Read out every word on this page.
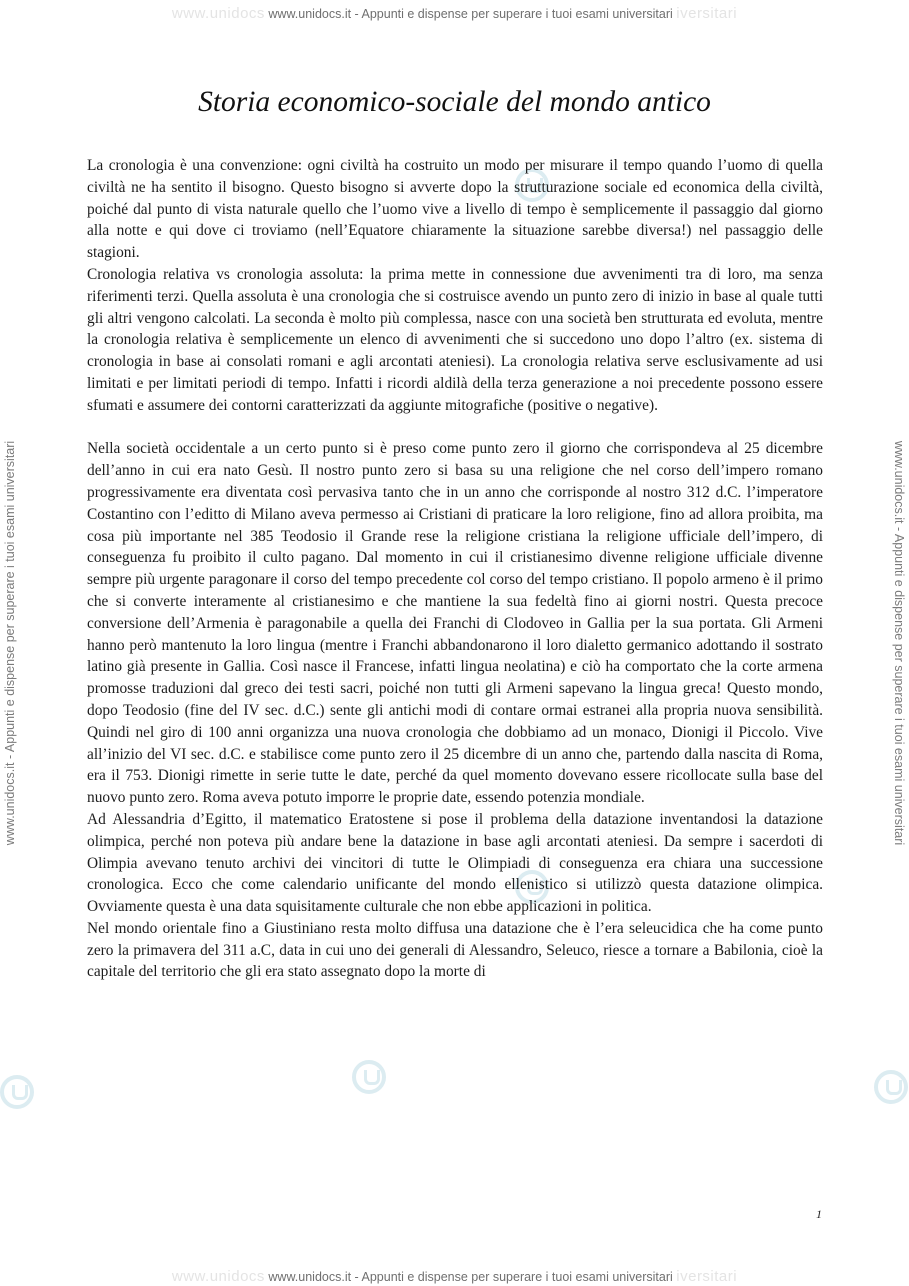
www.unidocs www.unidocs.it - Appunti e dispense per superare i tuoi esami universitari iversitari
www.unidocs.it - Appunti e dispense per superare i tuoi esami universitari	www.unidocs.it - Appunti e dispense per superare i tuoi esami universitari
Storia economico-sociale del mondo antico

La cronologia è una convenzione: ogni civiltà ha costruito un modo per misurare il tempo quando l’uomo di quella civiltà ne ha sentito il bisogno. Questo bisogno si avverte dopo la strutturazione sociale ed economica della civiltà, poiché dal punto di vista naturale quello che l’uomo vive a livello di tempo è semplicemente il passaggio dal giorno alla notte e qui dove ci troviamo (nell’Equatore chiaramente la situazione sarebbe diversa!) nel passaggio delle stagioni.

Cronologia relativa vs cronologia assoluta: la prima mette in connessione due avvenimenti tra di loro, ma senza riferimenti terzi. Quella assoluta è una cronologia che si costruisce avendo un punto zero di inizio in base al quale tutti gli altri vengono calcolati. La seconda è molto più complessa, nasce con una società ben strutturata ed evoluta, mentre la cronologia relativa è semplicemente un elenco di avvenimenti che si succedono uno dopo l’altro (ex. sistema di cronologia in base ai consolati romani e agli arcontati ateniesi). La cronologia relativa serve esclusivamente ad usi limitati e per limitati periodi di tempo. Infatti i ricordi aldilà della terza generazione a noi precedente possono essere sfumati e assumere dei contorni caratterizzati da aggiunte mitografiche (positive o negative).

Nella società occidentale a un certo punto si è preso come punto zero il giorno che corrispondeva al 25 dicembre dell’anno in cui era nato Gesù. Il nostro punto zero si basa su una religione che nel corso dell’impero romano progressivamente era diventata così pervasiva tanto che in un anno che corrisponde al nostro 312 d.C. l’imperatore Costantino con l’editto di Milano aveva permesso ai Cristiani di praticare la loro religione, fino ad allora proibita, ma cosa più importante nel 385 Teodosio il Grande rese la religione cristiana la religione ufficiale dell’impero, di conseguenza fu proibito il culto pagano. Dal momento in cui il cristianesimo divenne religione ufficiale divenne sempre più urgente paragonare il corso del tempo precedente col corso del tempo cristiano. Il popolo armeno è il primo che si converte interamente al cristianesimo e che mantiene la sua fedeltà fino ai giorni nostri. Questa precoce conversione dell’Armenia è paragonabile a quella dei Franchi di Clodoveo in Gallia per la sua portata. Gli Armeni hanno però mantenuto la loro lingua (mentre i Franchi abbandonarono il loro dialetto germanico adottando il sostrato latino già presente in Gallia. Così nasce il Francese, infatti lingua neolatina) e ciò ha comportato che la corte armena promosse traduzioni dal greco dei testi sacri, poiché non tutti gli Armeni sapevano la lingua greca! Questo mondo, dopo Teodosio (fine del IV sec. d.C.) sente gli antichi modi di contare ormai estranei alla propria nuova sensibilità. Quindi nel giro di 100 anni organizza una nuova cronologia che dobbiamo ad un monaco, Dionigi il Piccolo. Vive all’inizio del VI sec. d.C. e stabilisce come punto zero il 25 dicembre di un anno che, partendo dalla nascita di Roma, era il 753. Dionigi rimette in serie tutte le date, perché da quel momento dovevano essere ricollocate sulla base del nuovo punto zero. Roma aveva potuto imporre le proprie date, essendo potenzia mondiale.

Ad Alessandria d’Egitto, il matematico Eratostene si pose il problema della datazione inventandosi la datazione olimpica, perché non poteva più andare bene la datazione in base agli arcontati ateniesi. Da sempre i sacerdoti di Olimpia avevano tenuto archivi dei vincitori di tutte le Olimpiadi di conseguenza era chiara una successione cronologica. Ecco che come calendario unificante del mondo ellenistico si utilizzò questa datazione olimpica. Ovviamente questa è una data squisitamente culturale che non ebbe applicazioni in politica.

Nel mondo orientale fino a Giustiniano resta molto diffusa una datazione che è l’era seleucidica che ha come punto zero la primavera del 311 a.C, data in cui uno dei generali di Alessandro, Seleuco, riesce a tornare a Babilonia, cioè la capitale del territorio che gli era stato assegnato dopo la morte di

1
www.unidocs www.unidocs.it - Appunti e dispense per superare i tuoi esami universitari iversitari
